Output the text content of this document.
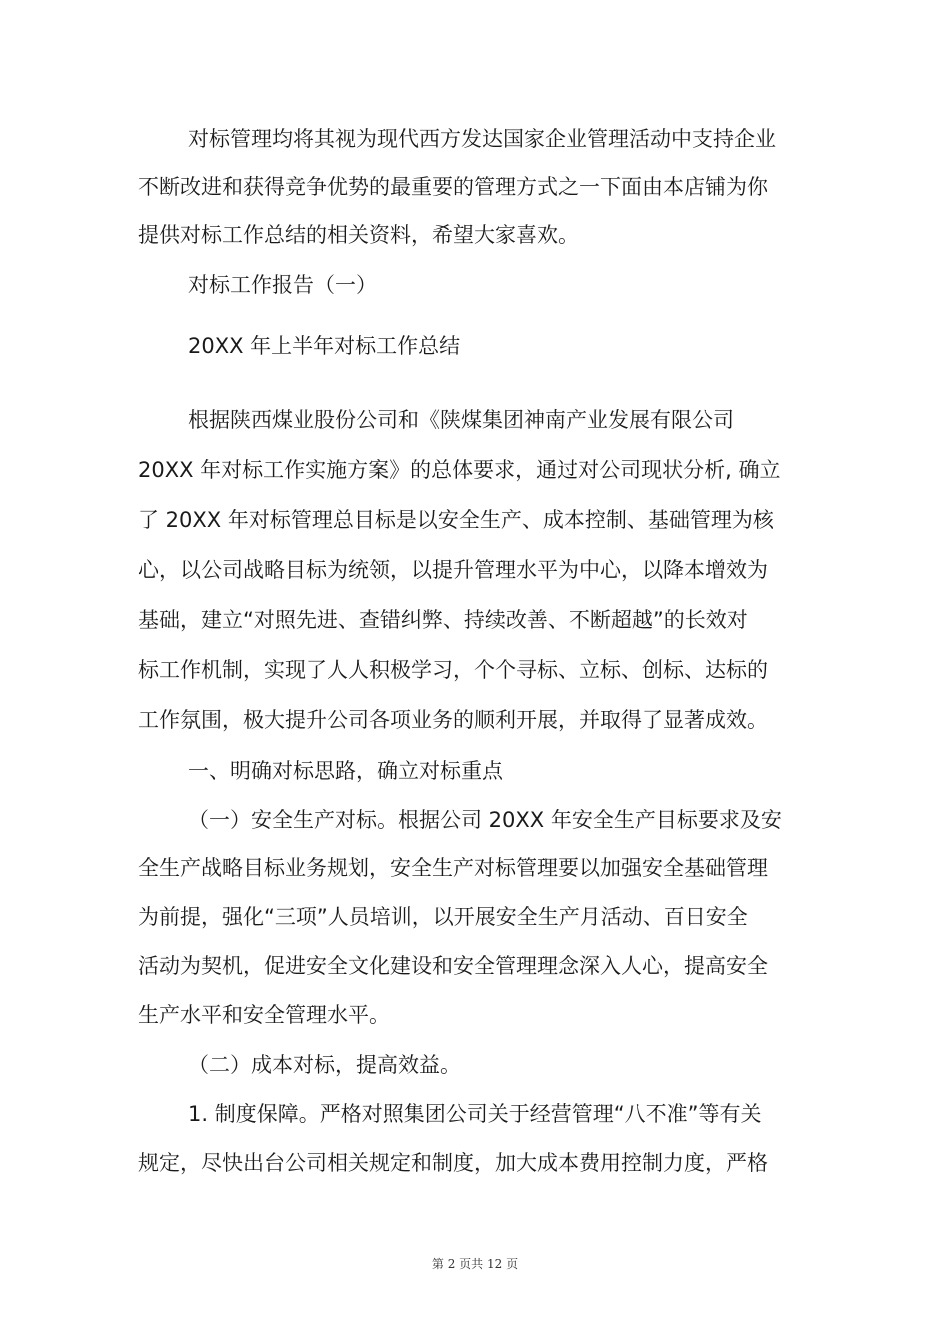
对标管理均将其视为现代西方发达国家企业管理活动中支持企业
不断改进和获得竞争优势的最重要的管理方式之一下面由本店铺为你
提供对标工作总结的相关资料，希望大家喜欢。
对标工作报告（一）
20XX 年上半年对标工作总结
根据陕西煤业股份公司和《陕煤集团神南产业发展有限公司
20XX 年对标工作实施方案》的总体要求，通过对公司现状分析, 确立
了 20XX 年对标管理总目标是以安全生产、成本控制、基础管理为核
心，以公司战略目标为统领，以提升管理水平为中心，以降本增效为
基础，建立“对照先进、查错纠弊、持续改善、不断超越”的长效对
标工作机制，实现了人人积极学习，个个寻标、立标、创标、达标的
工作氛围，极大提升公司各项业务的顺利开展，并取得了显著成效。
一、明确对标思路，确立对标重点
（一）安全生产对标。根据公司 20XX 年安全生产目标要求及安
全生产战略目标业务规划，安全生产对标管理要以加强安全基础管理
为前提，强化“三项”人员培训，以开展安全生产月活动、百日安全
活动为契机，促进安全文化建设和安全管理理念深入人心，提高安全
生产水平和安全管理水平。
（二）成本对标，提高效益。
1. 制度保障。严格对照集团公司关于经营管理“八不准”等有关
规定，尽快出台公司相关规定和制度，加大成本费用控制力度，严格
第 2 页共 12 页
